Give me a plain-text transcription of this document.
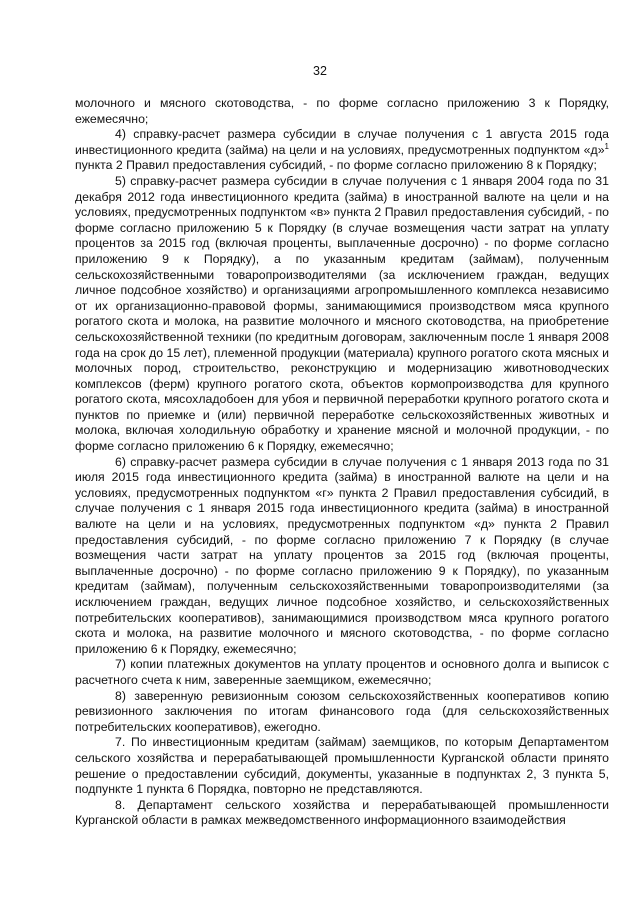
32

молочного и мясного скотоводства, - по форме согласно приложению 3 к Порядку, ежемесячно;

4) справку-расчет размера субсидии в случае получения с 1 августа 2015 года инвестиционного кредита (займа) на цели и на условиях, предусмотренных подпунктом «д»$^1$ пункта 2 Правил предоставления субсидий, - по форме согласно приложению 8 к Порядку;

5) справку-расчет размера субсидии в случае получения с 1 января 2004 года по 31 декабря 2012 года инвестиционного кредита (займа) в иностранной валюте на цели и на условиях, предусмотренных подпунктом «в» пункта 2 Правил предоставления субсидий, - по форме согласно приложению 5 к Порядку (в случае возмещения части затрат на уплату процентов за 2015 год (включая проценты, выплаченные досрочно) - по форме согласно приложению 9 к Порядку), а по указанным кредитам (займам), полученным сельскохозяйственными товаропроизводителями (за исключением граждан, ведущих личное подсобное хозяйство) и организациями агропромышленного комплекса независимо от их организационно-правовой формы, занимающимися производством мяса крупного рогатого скота и молока, на развитие молочного и мясного скотоводства, на приобретение сельскохозяйственной техники (по кредитным договорам, заключенным после 1 января 2008 года на срок до 15 лет), племенной продукции (материала) крупного рогатого скота мясных и молочных пород, строительство, реконструкцию и модернизацию животноводческих комплексов (ферм) крупного рогатого скота, объектов кормопроизводства для крупного рогатого скота, мясохладобоен для убоя и первичной переработки крупного рогатого скота и пунктов по приемке и (или) первичной переработке сельскохозяйственных животных и молока, включая холодильную обработку и хранение мясной и молочной продукции, - по форме согласно приложению 6 к Порядку, ежемесячно;

6) справку-расчет размера субсидии в случае получения с 1 января 2013 года по 31 июля 2015 года инвестиционного кредита (займа) в иностранной валюте на цели и на условиях, предусмотренных подпунктом «г» пункта 2 Правил предоставления субсидий, в случае получения с 1 января 2015 года инвестиционного кредита (займа) в иностранной валюте на цели и на условиях, предусмотренных подпунктом «д» пункта 2 Правил предоставления субсидий, - по форме согласно приложению 7 к Порядку (в случае возмещения части затрат на уплату процентов за 2015 год (включая проценты, выплаченные досрочно) - по форме согласно приложению 9 к Порядку), по указанным кредитам (займам), полученным сельскохозяйственными товаропроизводителями (за исключением граждан, ведущих личное подсобное хозяйство, и сельскохозяйственных потребительских кооперативов), занимающимися производством мяса крупного рогатого скота и молока, на развитие молочного и мясного скотоводства, - по форме согласно приложению 6 к Порядку, ежемесячно;

7) копии платежных документов на уплату процентов и основного долга и выписок с расчетного счета к ним, заверенные заемщиком, ежемесячно;

8) заверенную ревизионным союзом сельскохозяйственных кооперативов копию ревизионного заключения по итогам финансового года (для сельскохозяйственных потребительских кооперативов), ежегодно.

7. По инвестиционным кредитам (займам) заемщиков, по которым Департаментом сельского хозяйства и перерабатывающей промышленности Курганской области принято решение о предоставлении субсидий, документы, указанные в подпунктах 2, 3 пункта 5, подпункте 1 пункта 6 Порядка, повторно не представляются.

8. Департамент сельского хозяйства и перерабатывающей промышленности Курганской области в рамках межведомственного информационного взаимодействия
